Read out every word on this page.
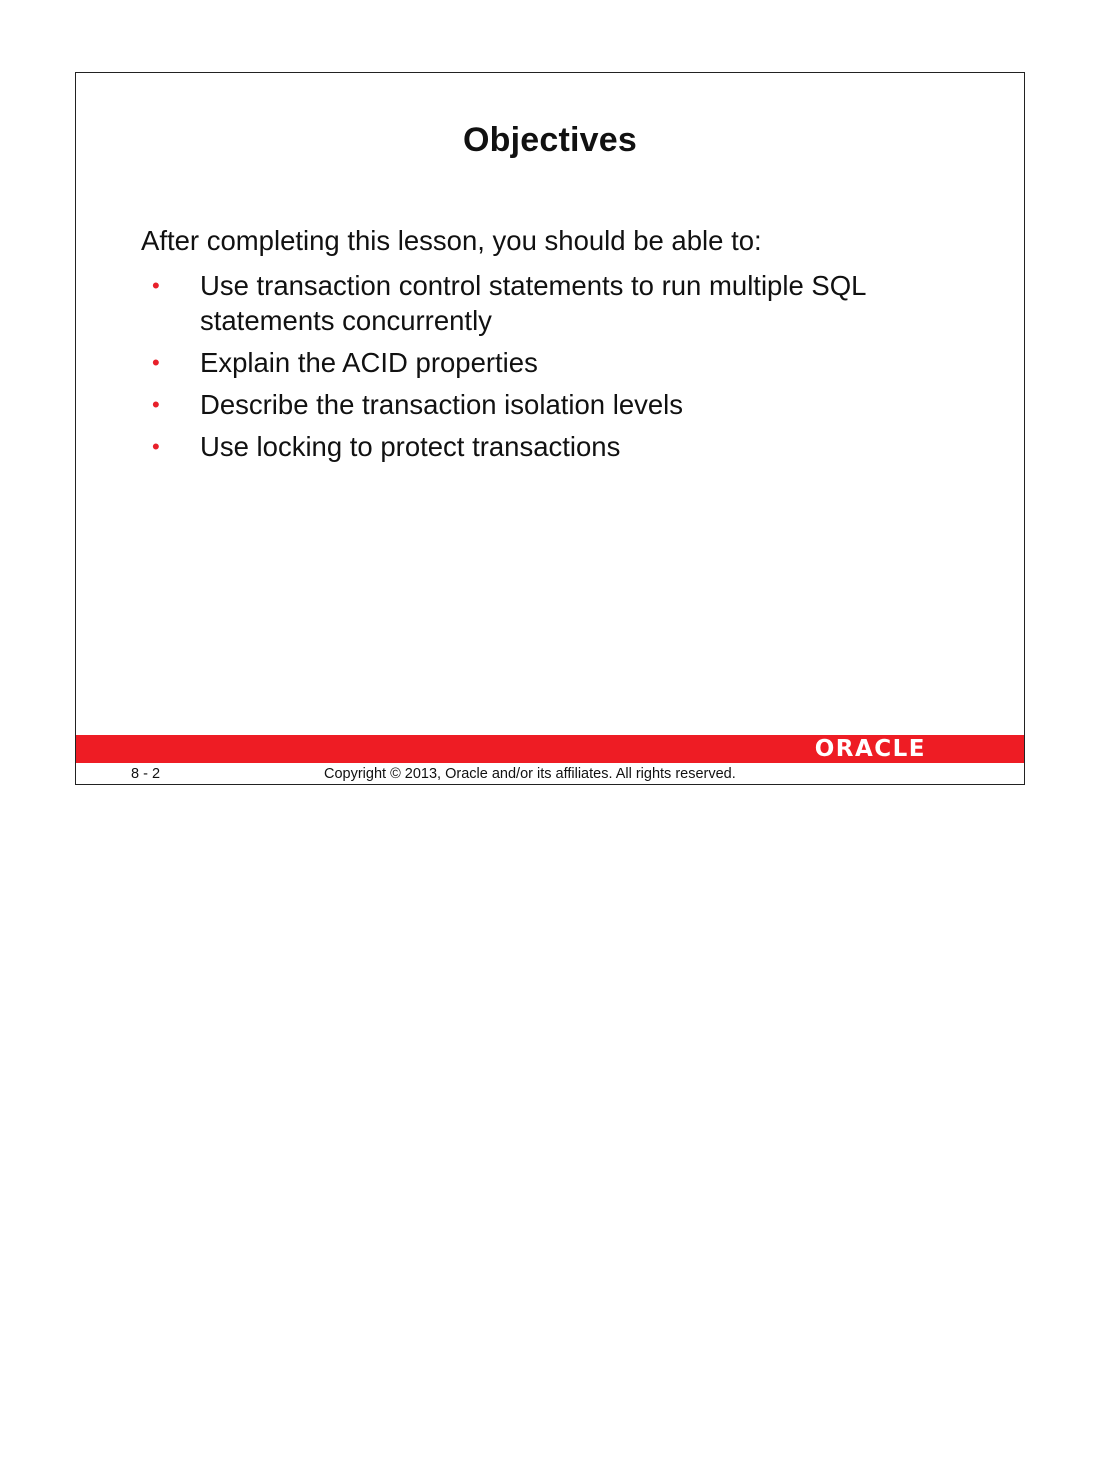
Objectives

After completing this lesson, you should be able to:

• Use transaction control statements to run multiple SQL statements concurrently
• Explain the ACID properties
• Describe the transaction isolation levels
• Use locking to protect transactions
ORACLE
8 - 2	Copyright © 2013, Oracle and/or its affiliates. All rights reserved.
